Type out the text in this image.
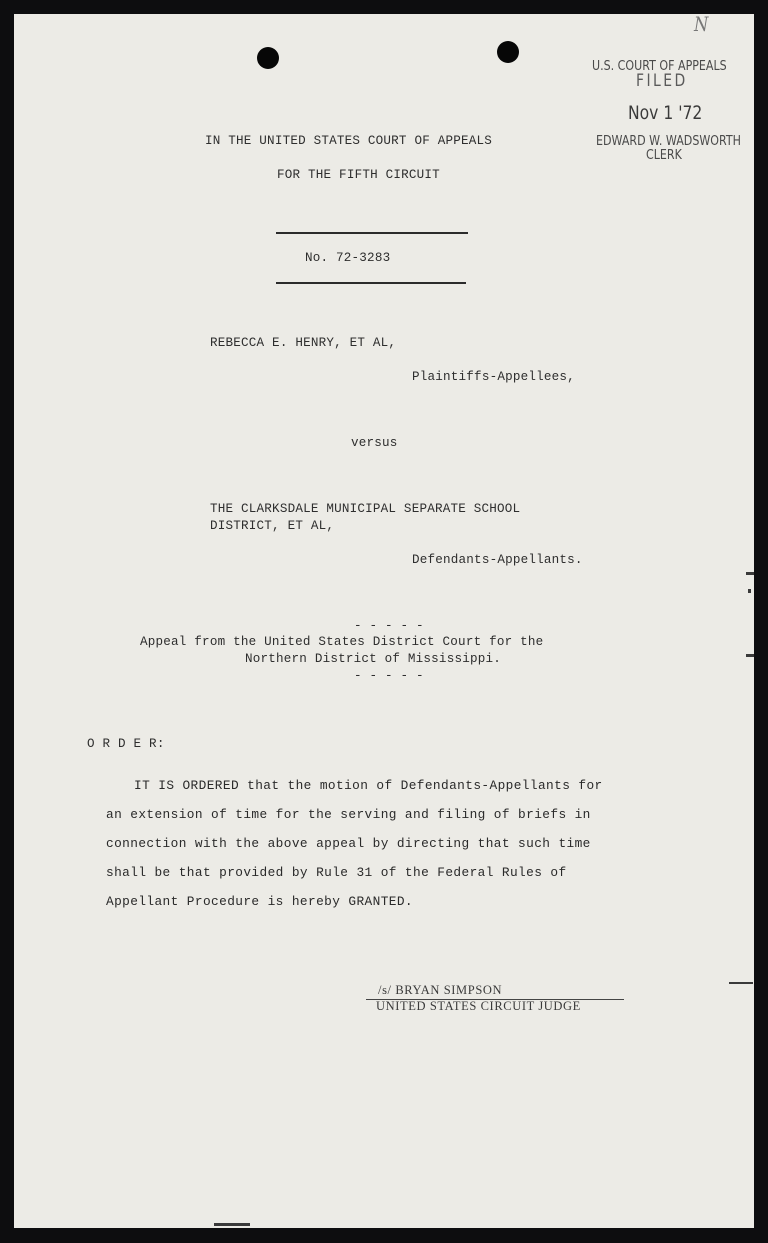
N
U.S. COURT OF APPEALS
FILED
Nov 1 '72
EDWARD W. WADSWORTH
CLERK
IN THE UNITED STATES COURT OF APPEALS
FOR THE FIFTH CIRCUIT
No. 72-3283
REBECCA E. HENRY, ET AL,
Plaintiffs-Appellees,
versus
THE CLARKSDALE MUNICIPAL SEPARATE SCHOOL
DISTRICT, ET AL,
Defendants-Appellants.
- - - - -
Appeal from the United States District Court for the
Northern District of Mississippi.
- - - - -
O R D E R:
IT IS ORDERED that the motion of Defendants-Appellants for
an extension of time for the serving and filing of briefs in
connection with the above appeal by directing that such time
shall be that provided by Rule 31 of the Federal Rules of
Appellant Procedure is hereby GRANTED.
/s/ BRYAN SIMPSON
UNITED STATES CIRCUIT JUDGE
